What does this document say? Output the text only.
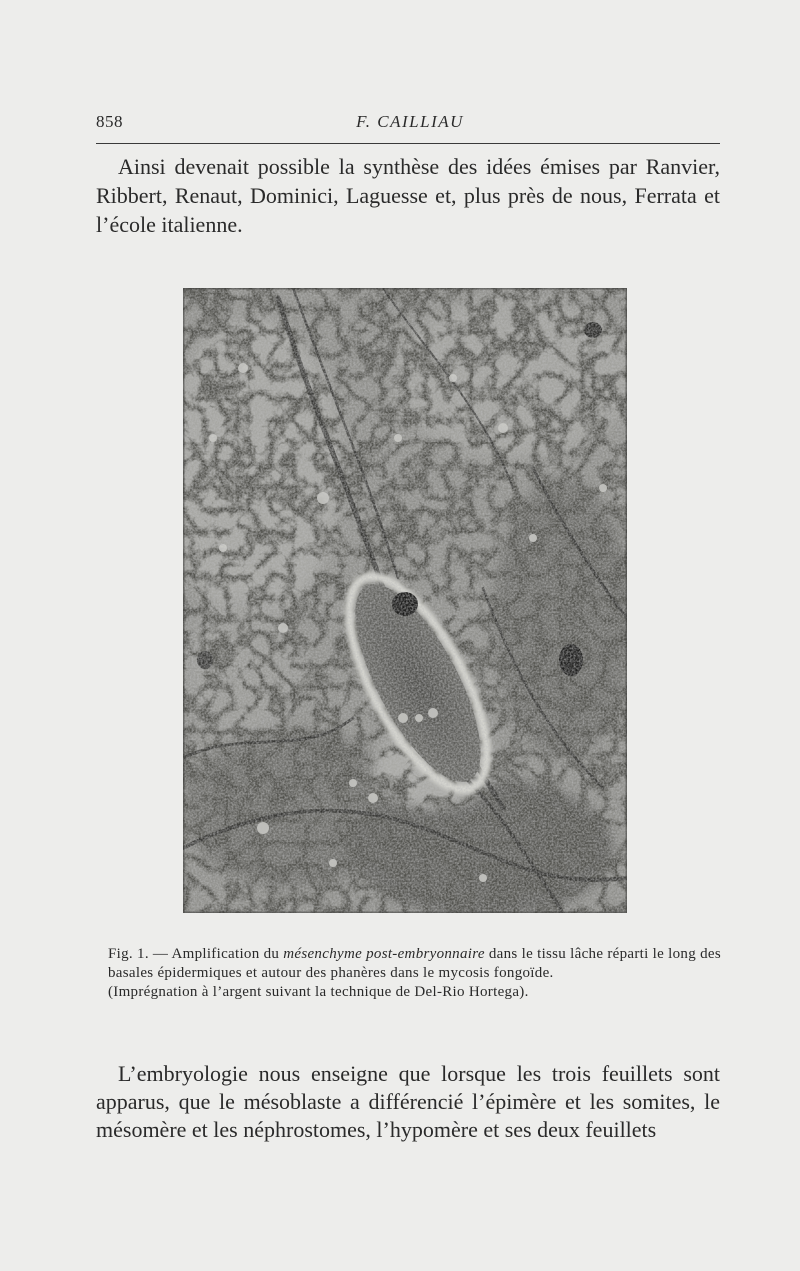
858	F. CAILLIAU

Ainsi devenait possible la synthèse des idées émises par Ranvier, Ribbert, Renaut, Dominici, Laguesse et, plus près de nous, Ferrata et l’école italienne.

Fig. 1. — Amplification du mésenchyme post-embryonnaire dans le tissu lâche réparti le long des basales épidermiques et autour des phanères dans le mycosis fongoïde.
(Imprégnation à l’argent suivant la technique de Del-Rio Hortega).

L’embryologie nous enseigne que lorsque les trois feuillets sont apparus, que le mésoblaste a différencié l’épimère et les somites, le mésomère et les néphrostomes, l’hypomère et ses deux feuillets
